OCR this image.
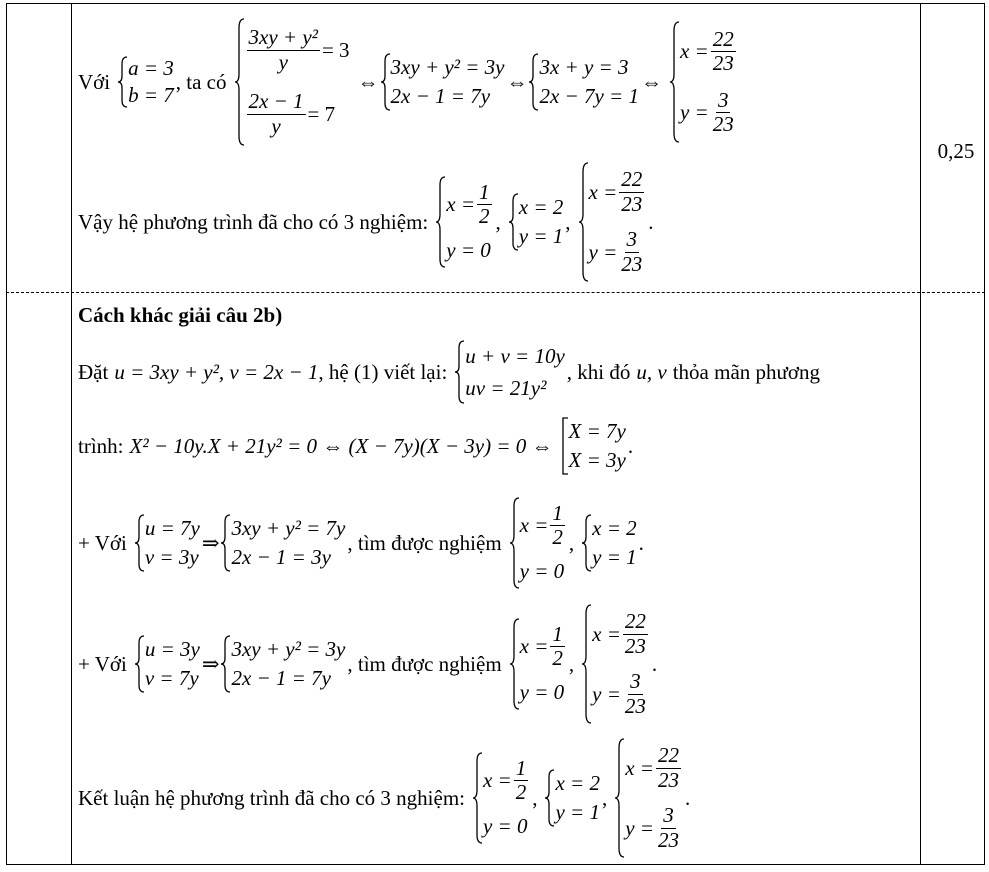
0,25
Với
a = 3
b = 7
, ta có
$\frac{\text{3xy + y²}}{y} = 3$
$\frac{2x - 1}{y} = 7$
⇔
3xy + y² = 3y
2x − 1 = 7y
⇔
3x + y = 3
2x − 7y = 1
⇔
$x = \frac{22}{23}$
$y = \frac{3}{23}$
Vậy hệ phương trình đã cho có 3 nghiệm:
$x = \frac{1}{2}$
y = 0
,
x = 2
y = 1
,
$x = \frac{22}{23}$
$y = \frac{3}{23}$
.
Cách khác giải câu 2b)
Đặt u = 3xy + y², v = 2x − 1 , hệ (1) viết lại:
u + v = 10y
uv = 21y²
, khi đó u, v thỏa mãn phương
trình: X² − 10y.X + 21y² = 0 ⇔ (X − 7y)(X − 3y) = 0 ⇔
X = 7y
X = 3y
.
+ Với
u = 7y
v = 3y
⇒
3xy + y² = 7y
2x − 1 = 3y
, tìm được nghiệm
$x = \frac{1}{2}$
y = 0
,
x = 2
y = 1
.
+ Với
u = 3y
v = 7y
⇒
3xy + y² = 3y
2x − 1 = 7y
, tìm được nghiệm
$x = \frac{1}{2}$
y = 0
,
$x = \frac{22}{23}$
$y = \frac{3}{23}$
.
Kết luận hệ phương trình đã cho có 3 nghiệm:
$x = \frac{1}{2}$
y = 0
,
x = 2
y = 1
,
$x = \frac{22}{23}$
$y = \frac{3}{23}$
.
